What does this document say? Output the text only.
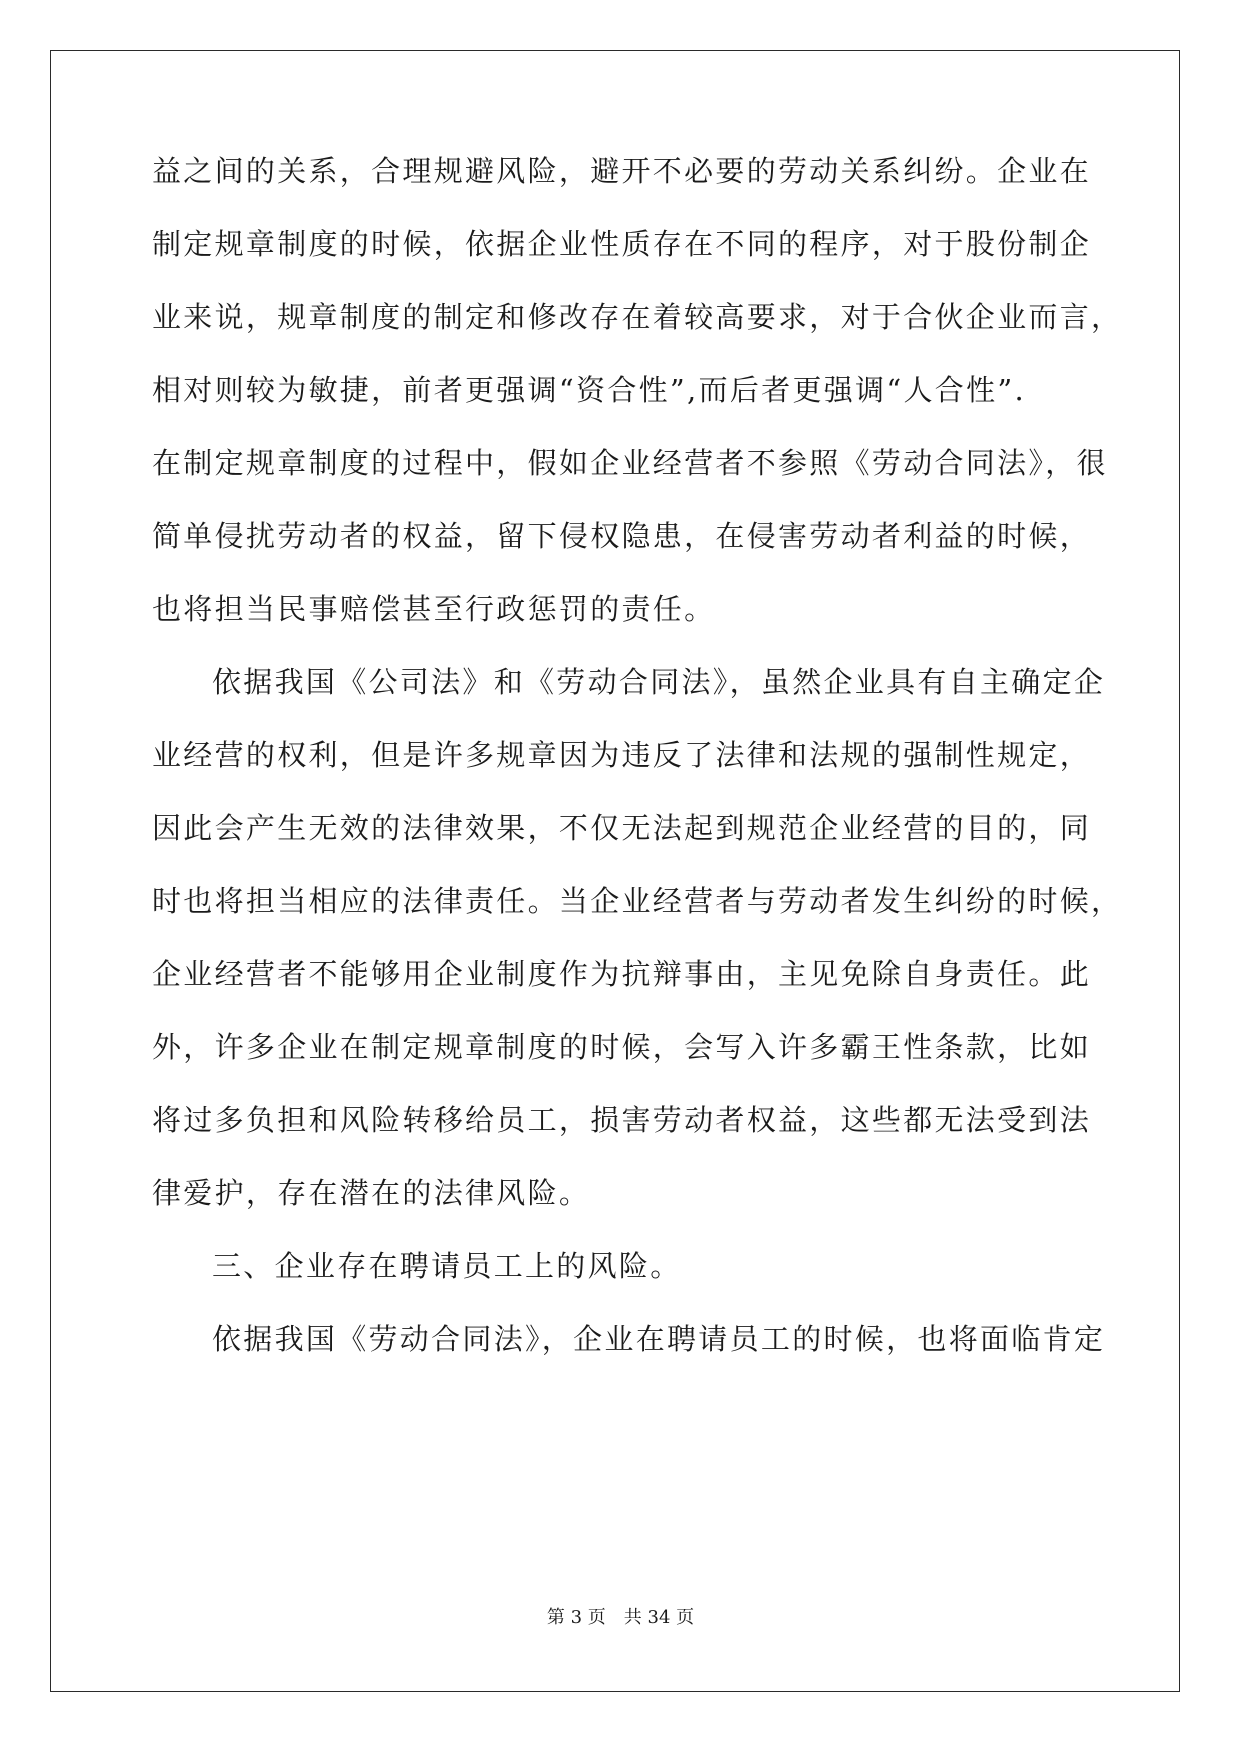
益之间的关系，合理规避风险，避开不必要的劳动关系纠纷。企业在
制定规章制度的时候，依据企业性质存在不同的程序，对于股份制企
业来说，规章制度的制定和修改存在着较高要求，对于合伙企业而言，
相对则较为敏捷，前者更强调“资合性”,而后者更强调“人合性”.
在制定规章制度的过程中，假如企业经营者不参照《劳动合同法》，很
简单侵扰劳动者的权益，留下侵权隐患，在侵害劳动者利益的时候，
也将担当民事赔偿甚至行政惩罚的责任。
依据我国《公司法》和《劳动合同法》，虽然企业具有自主确定企
业经营的权利，但是许多规章因为违反了法律和法规的强制性规定，
因此会产生无效的法律效果，不仅无法起到规范企业经营的目的，同
时也将担当相应的法律责任。当企业经营者与劳动者发生纠纷的时候，
企业经营者不能够用企业制度作为抗辩事由，主见免除自身责任。此
外，许多企业在制定规章制度的时候，会写入许多霸王性条款，比如
将过多负担和风险转移给员工，损害劳动者权益，这些都无法受到法
律爱护，存在潜在的法律风险。
三、企业存在聘请员工上的风险。
依据我国《劳动合同法》，企业在聘请员工的时候，也将面临肯定
第 3 页　共 34 页
